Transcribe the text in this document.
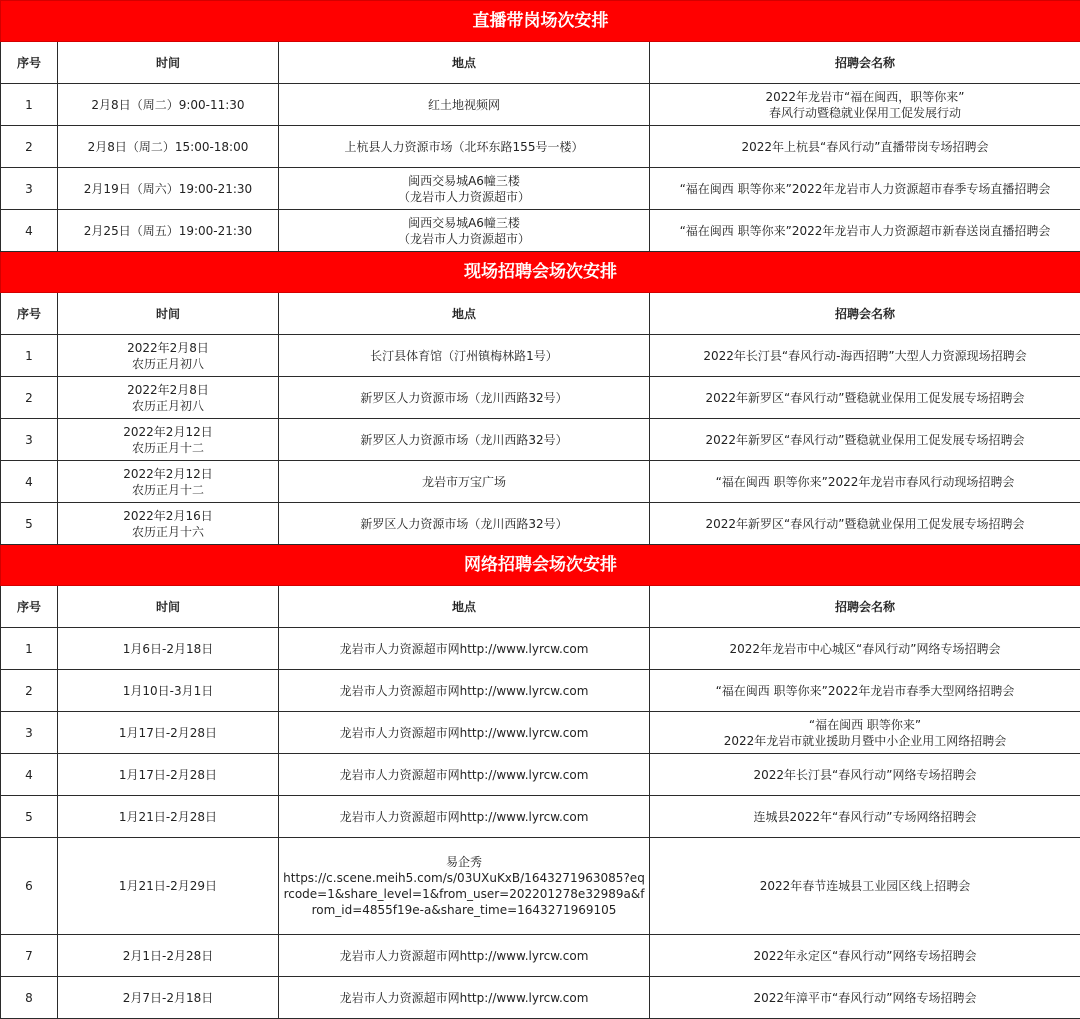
直播带岗场次安排			
序号	时间	地点	招聘会名称
1	2月8日（周二）9:00-11:30	红土地视频网	2022年龙岩市“福在闽西，职等你来”
春风行动暨稳就业保用工促发展行动
2	2月8日（周二）15:00-18:00	上杭县人力资源市场（北环东路155号一楼）	2022年上杭县“春风行动”直播带岗专场招聘会
3	2月19日（周六）19:00-21:30	闽西交易城A6幢三楼
（龙岩市人力资源超市）	“福在闽西 职等你来”2022年龙岩市人力资源超市春季专场直播招聘会
4	2月25日（周五）19:00-21:30	闽西交易城A6幢三楼
（龙岩市人力资源超市）	“福在闽西 职等你来”2022年龙岩市人力资源超市新春送岗直播招聘会
现场招聘会场次安排			
序号	时间	地点	招聘会名称
1	2022年2月8日
农历正月初八	长汀县体育馆（汀州镇梅林路1号）	2022年长汀县“春风行动-海西招聘”大型人力资源现场招聘会
2	2022年2月8日
农历正月初八	新罗区人力资源市场（龙川西路32号）	2022年新罗区“春风行动”暨稳就业保用工促发展专场招聘会
3	2022年2月12日
农历正月十二	新罗区人力资源市场（龙川西路32号）	2022年新罗区“春风行动”暨稳就业保用工促发展专场招聘会
4	2022年2月12日
农历正月十二	龙岩市万宝广场	“福在闽西 职等你来”2022年龙岩市春风行动现场招聘会
5	2022年2月16日
农历正月十六	新罗区人力资源市场（龙川西路32号）	2022年新罗区“春风行动”暨稳就业保用工促发展专场招聘会
网络招聘会场次安排			
序号	时间	地点	招聘会名称
1	1月6日-2月18日	龙岩市人力资源超市网http://www.lyrcw.com	2022年龙岩市中心城区“春风行动”网络专场招聘会
2	1月10日-3月1日	龙岩市人力资源超市网http://www.lyrcw.com	“福在闽西 职等你来”2022年龙岩市春季大型网络招聘会
3	1月17日-2月28日	龙岩市人力资源超市网http://www.lyrcw.com	“福在闽西 职等你来”
2022年龙岩市就业援助月暨中小企业用工网络招聘会
4	1月17日-2月28日	龙岩市人力资源超市网http://www.lyrcw.com	2022年长汀县“春风行动”网络专场招聘会
5	1月21日-2月28日	龙岩市人力资源超市网http://www.lyrcw.com	连城县2022年“春风行动”专场网络招聘会
6	1月21日-2月29日	易企秀
https://c.scene.meih5.com/s/03UXuKxB/1643271963085?eqrcode=1&share_level=1&from_user=202201278e32989a&from_id=4855f19e-a&share_time=1643271969105	2022年春节连城县工业园区线上招聘会
7	2月1日-2月28日	龙岩市人力资源超市网http://www.lyrcw.com	2022年永定区“春风行动”网络专场招聘会
8	2月7日-2月18日	龙岩市人力资源超市网http://www.lyrcw.com	2022年漳平市“春风行动”网络专场招聘会
